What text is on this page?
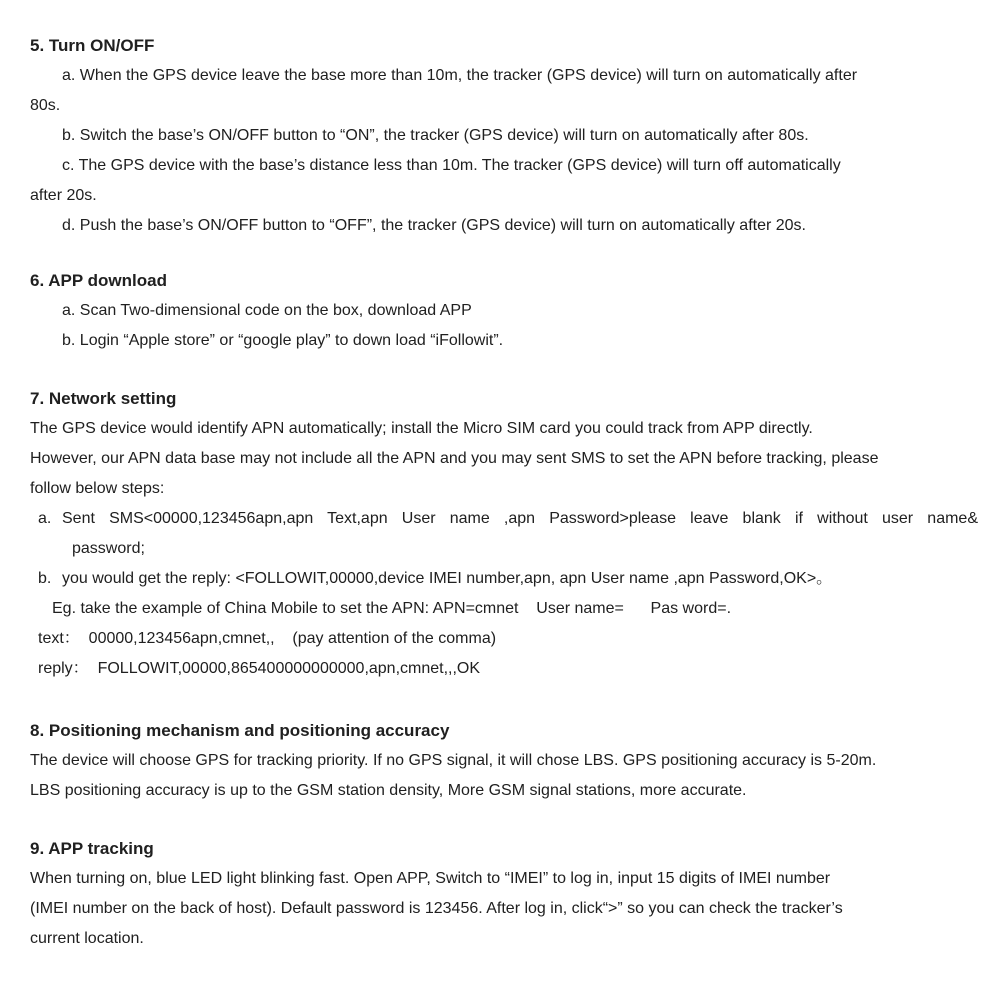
5. Turn ON/OFF
a. When the GPS device leave the base more than 10m, the tracker (GPS device) will turn on automatically after
80s.
b. Switch the base’s ON/OFF button to “ON”, the tracker (GPS device) will turn on automatically after 80s.
c. The GPS device with the base’s distance less than 10m. The tracker (GPS device) will turn off automatically
after 20s.
d. Push the base’s ON/OFF button to “OFF”, the tracker (GPS device) will turn on automatically after 20s.
6. APP download
a. Scan Two-dimensional code on the box, download APP
b. Login “Apple store” or “google play” to down load “iFollowit”.
7. Network setting
The GPS device would identify APN automatically; install the Micro SIM card you could track from APP directly.
However, our APN data base may not include all the APN and you may sent SMS to set the APN before tracking, please
follow below steps:
a. Sent SMS<00000,123456apn,apn Text,apn User name ,apn Password>please leave blank if without user name&
password;
b. you would get the reply: <FOLLOWIT,00000,device IMEI number,apn, apn User name ,apn Password,OK>。
Eg. take the example of China Mobile to set the APN: APN=cmnet    User name=      Pas word=.
text：  00000,123456apn,cmnet,,    (pay attention of the comma)
reply：  FOLLOWIT,00000,865400000000000,apn,cmnet,,,OK
8. Positioning mechanism and positioning accuracy
The device will choose GPS for tracking priority. If no GPS signal, it will chose LBS. GPS positioning accuracy is 5-20m.
LBS positioning accuracy is up to the GSM station density, More GSM signal stations, more accurate.
9. APP tracking
When turning on, blue LED light blinking fast. Open APP, Switch to “IMEI” to log in, input 15 digits of IMEI number
(IMEI number on the back of host). Default password is 123456. After log in, click“>” so you can check the tracker’s
current location.
